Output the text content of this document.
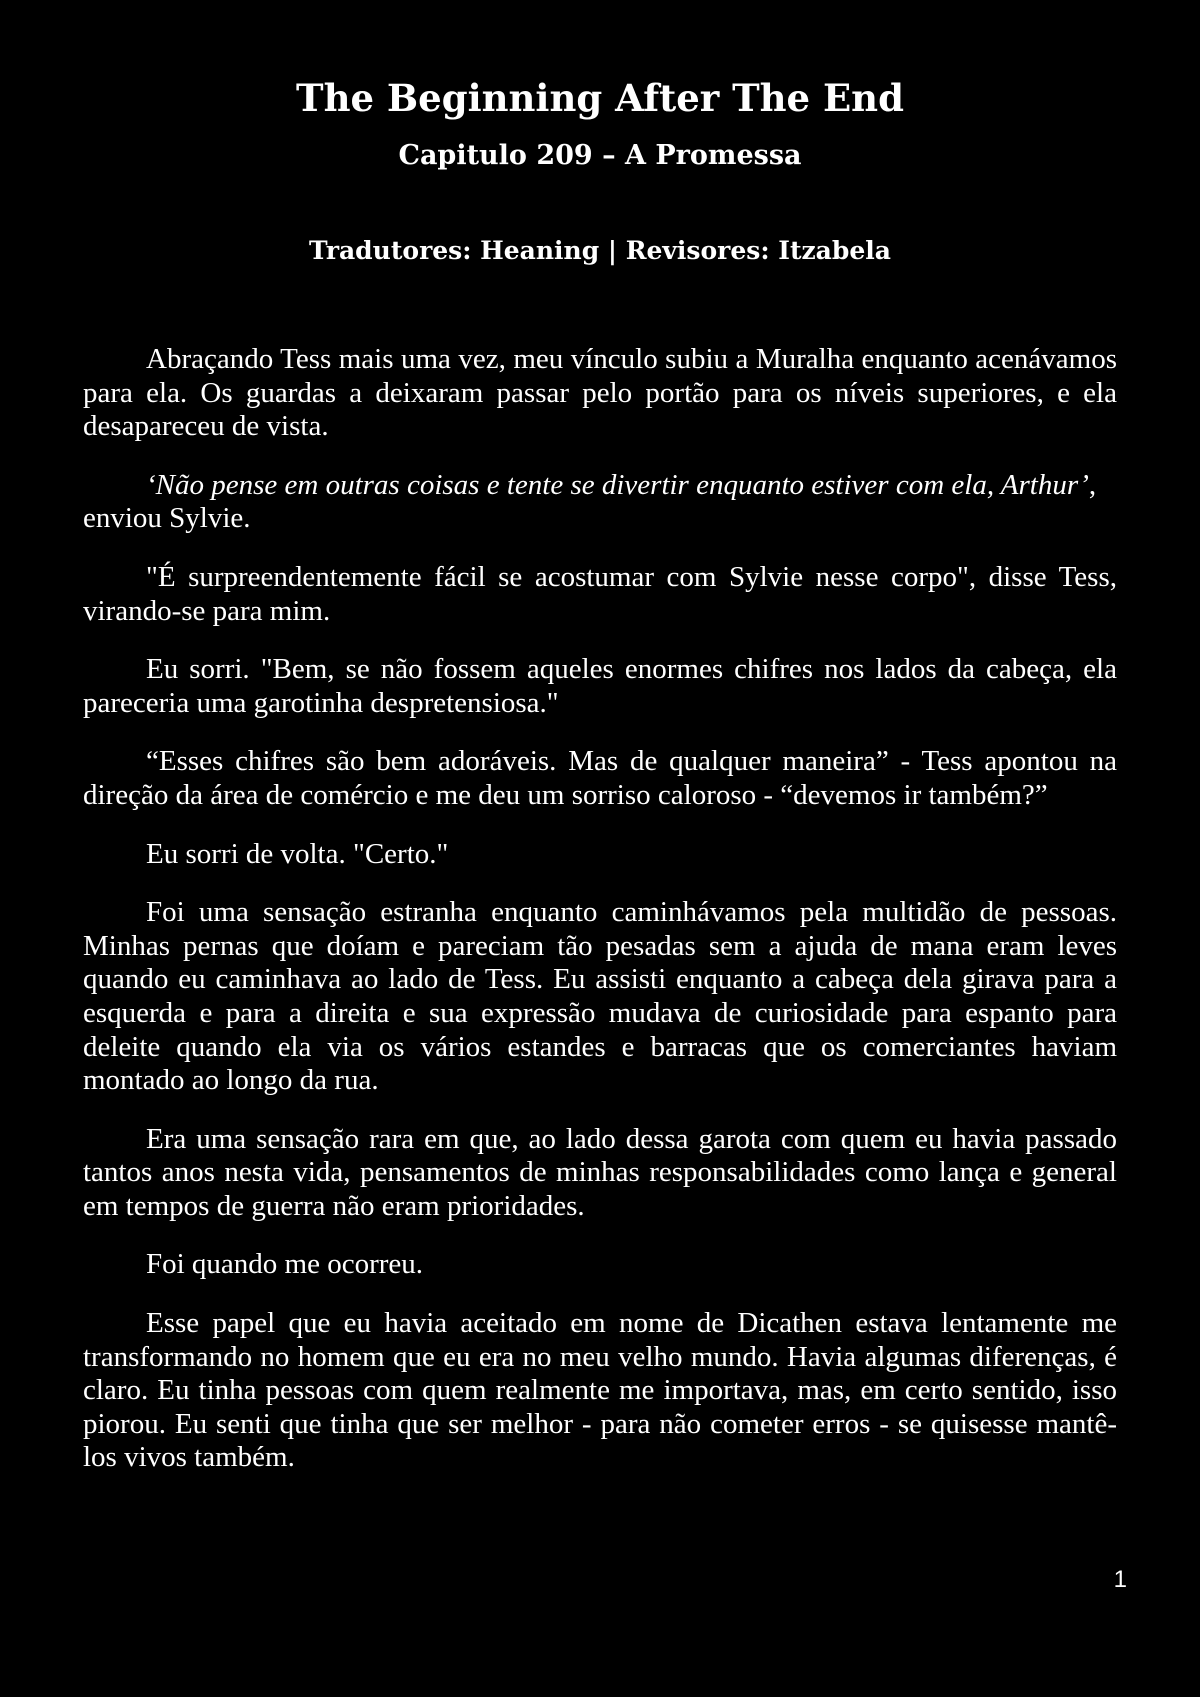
The Beginning After The End
Capitulo 209 – A Promessa
Tradutores: Heaning | Revisores: Itzabela

Abraçando Tess mais uma vez, meu vínculo subiu a Muralha enquanto acenávamos para ela. Os guardas a deixaram passar pelo portão para os níveis superiores, e ela desapareceu de vista.

‘Não pense em outras coisas e tente se divertir enquanto estiver com ela, Arthur’, enviou Sylvie.

"É surpreendentemente fácil se acostumar com Sylvie nesse corpo", disse Tess, virando-se para mim.

Eu sorri. "Bem, se não fossem aqueles enormes chifres nos lados da cabeça, ela pareceria uma garotinha despretensiosa."

“Esses chifres são bem adoráveis. Mas de qualquer maneira” - Tess apontou na direção da área de comércio e me deu um sorriso caloroso - “devemos ir também?”

Eu sorri de volta. "Certo."

Foi uma sensação estranha enquanto caminhávamos pela multidão de pessoas. Minhas pernas que doíam e pareciam tão pesadas sem a ajuda de mana eram leves quando eu caminhava ao lado de Tess. Eu assisti enquanto a cabeça dela girava para a esquerda e para a direita e sua expressão mudava de curiosidade para espanto para deleite quando ela via os vários estandes e barracas que os comerciantes haviam montado ao longo da rua.

Era uma sensação rara em que, ao lado dessa garota com quem eu havia passado tantos anos nesta vida, pensamentos de minhas responsabilidades como lança e general em tempos de guerra não eram prioridades.

Foi quando me ocorreu.

Esse papel que eu havia aceitado em nome de Dicathen estava lentamente me transformando no homem que eu era no meu velho mundo. Havia algumas diferenças, é claro. Eu tinha pessoas com quem realmente me importava, mas, em certo sentido, isso piorou. Eu senti que tinha que ser melhor - para não cometer erros - se quisesse mantê-los vivos também.

1
